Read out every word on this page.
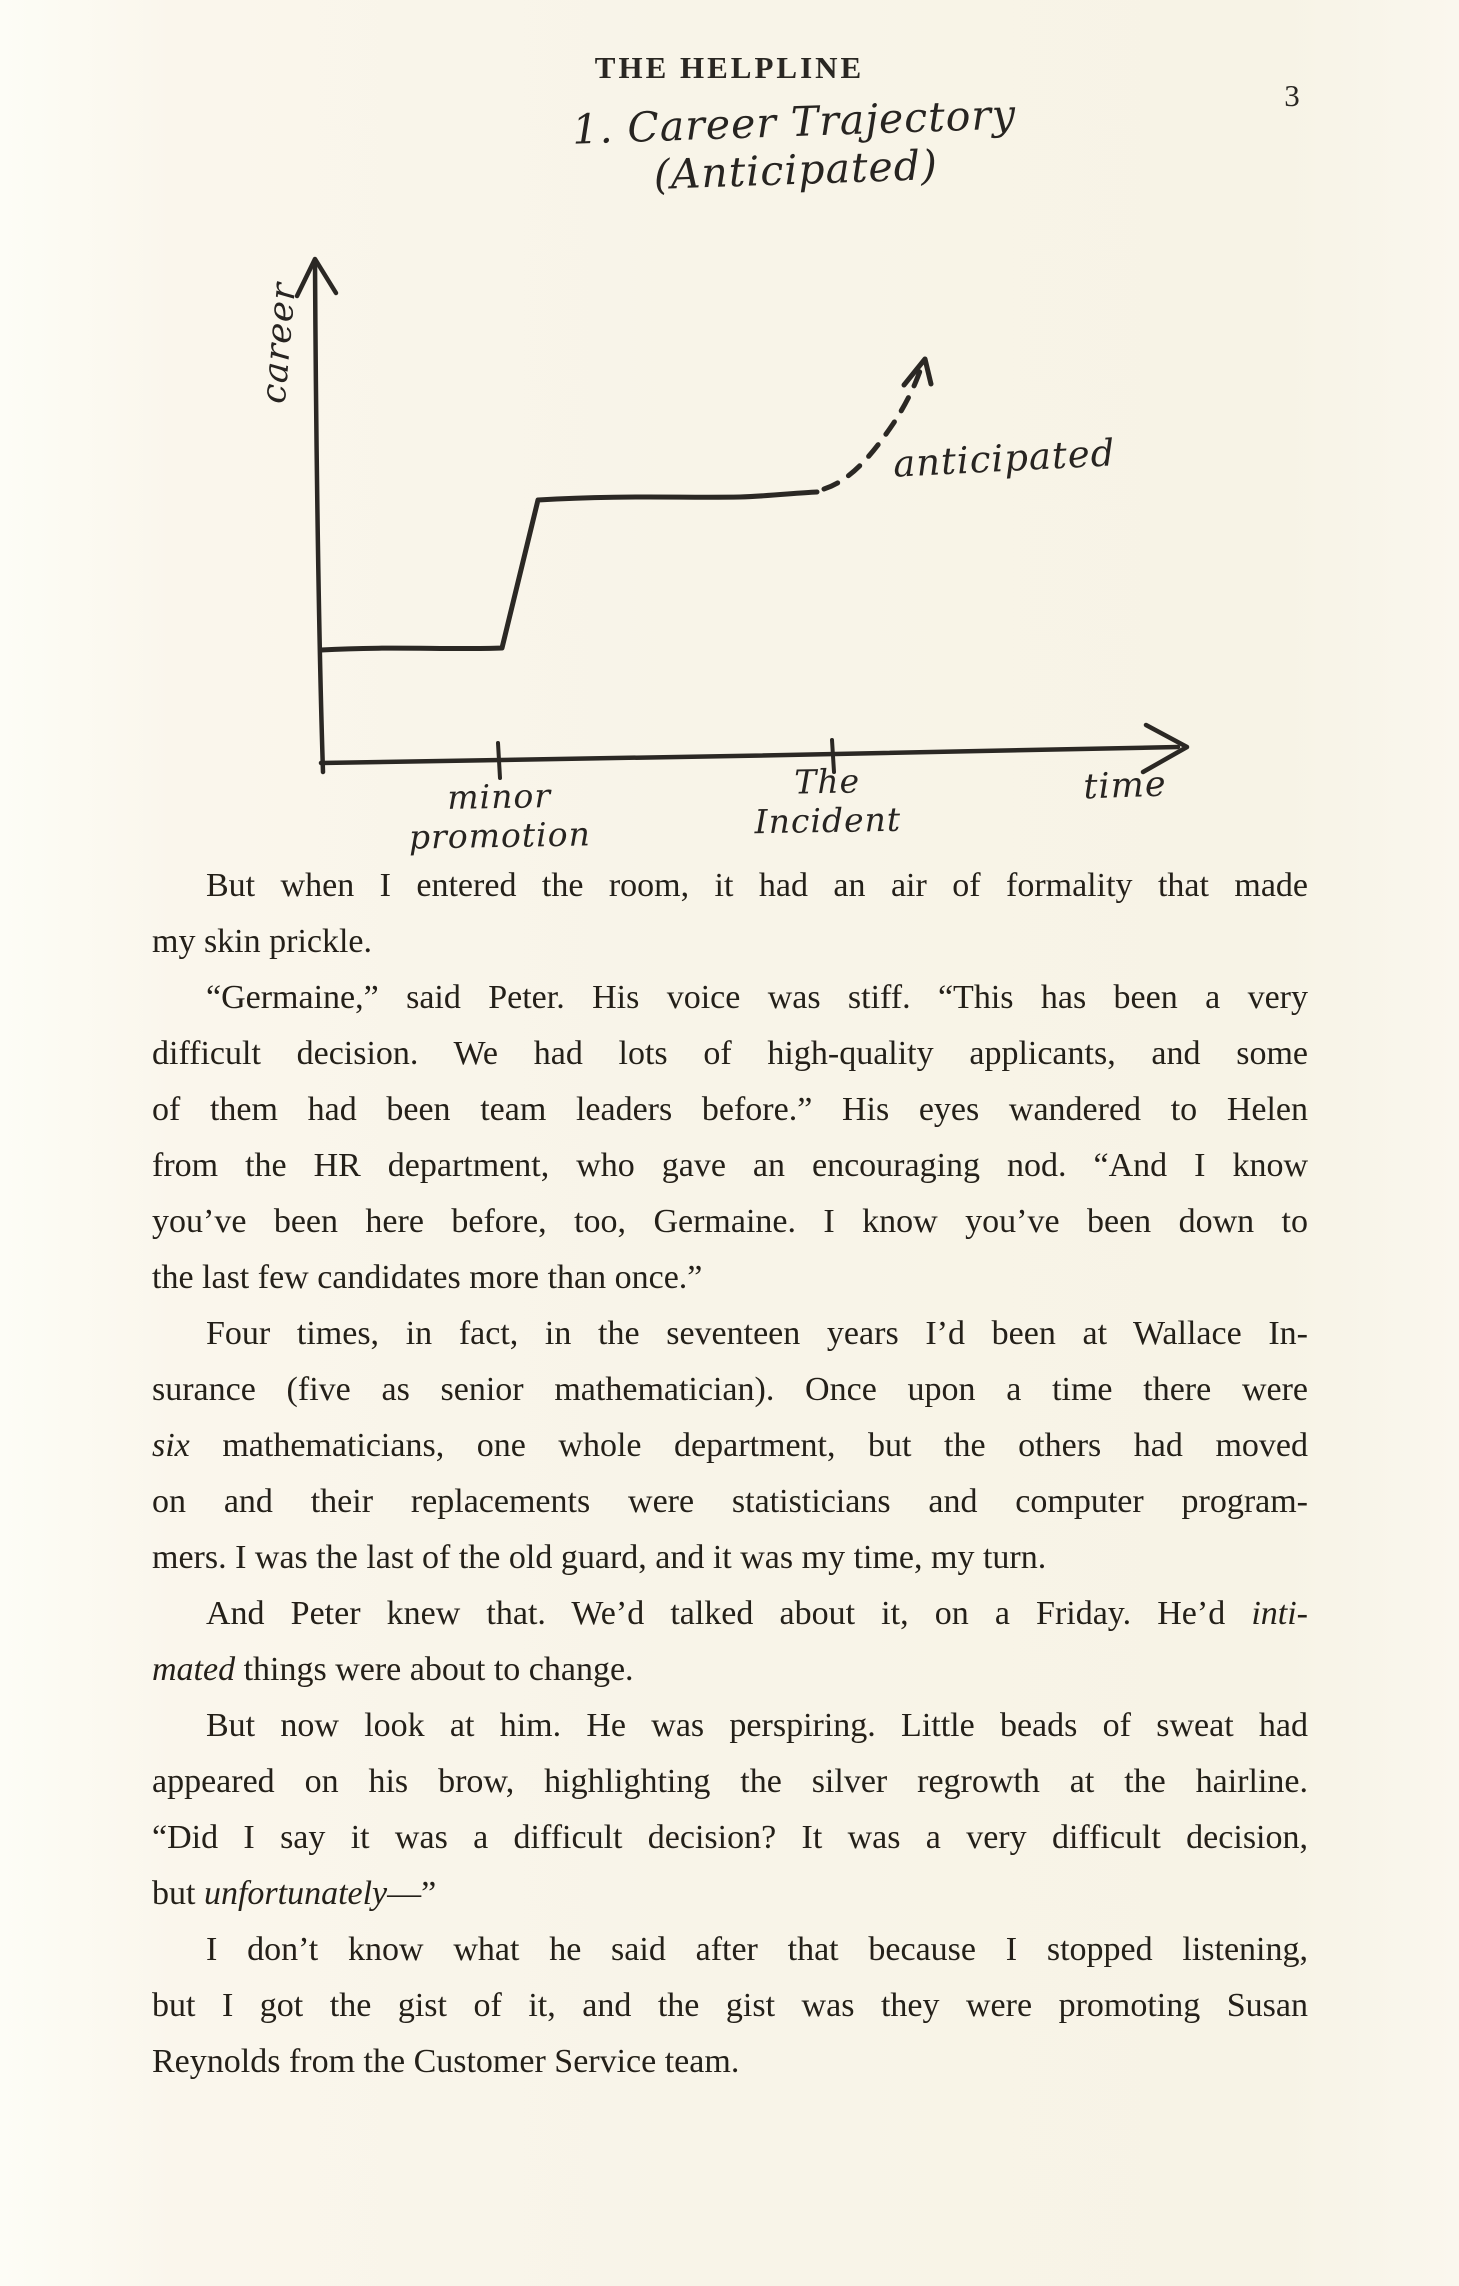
THE HELPLINE
3
1. Career Trajectory (Anticipated)
career
anticipated
minor promotion
The Incident
time

But when I entered the room, it had an air of formality that made
my skin prickle.

“Germaine,” said Peter. His voice was stiff. “This has been a very
difficult decision. We had lots of high-quality applicants, and some
of them had been team leaders before.” His eyes wandered to Helen
from the HR department, who gave an encouraging nod. “And I know
you’ve been here before, too, Germaine. I know you’ve been down to
the last few candidates more than once.”

Four times, in fact, in the seventeen years I’d been at Wallace In-
surance (five as senior mathematician). Once upon a time there were
six mathematicians, one whole department, but the others had moved
on and their replacements were statisticians and computer program-
mers. I was the last of the old guard, and it was my time, my turn.

And Peter knew that. We’d talked about it, on a Friday. He’d inti-
mated things were about to change.

But now look at him. He was perspiring. Little beads of sweat had
appeared on his brow, highlighting the silver regrowth at the hairline.
“Did I say it was a difficult decision? It was a very difficult decision,
but unfortunately—”

I don’t know what he said after that because I stopped listening,
but I got the gist of it, and the gist was they were promoting Susan
Reynolds from the Customer Service team.
